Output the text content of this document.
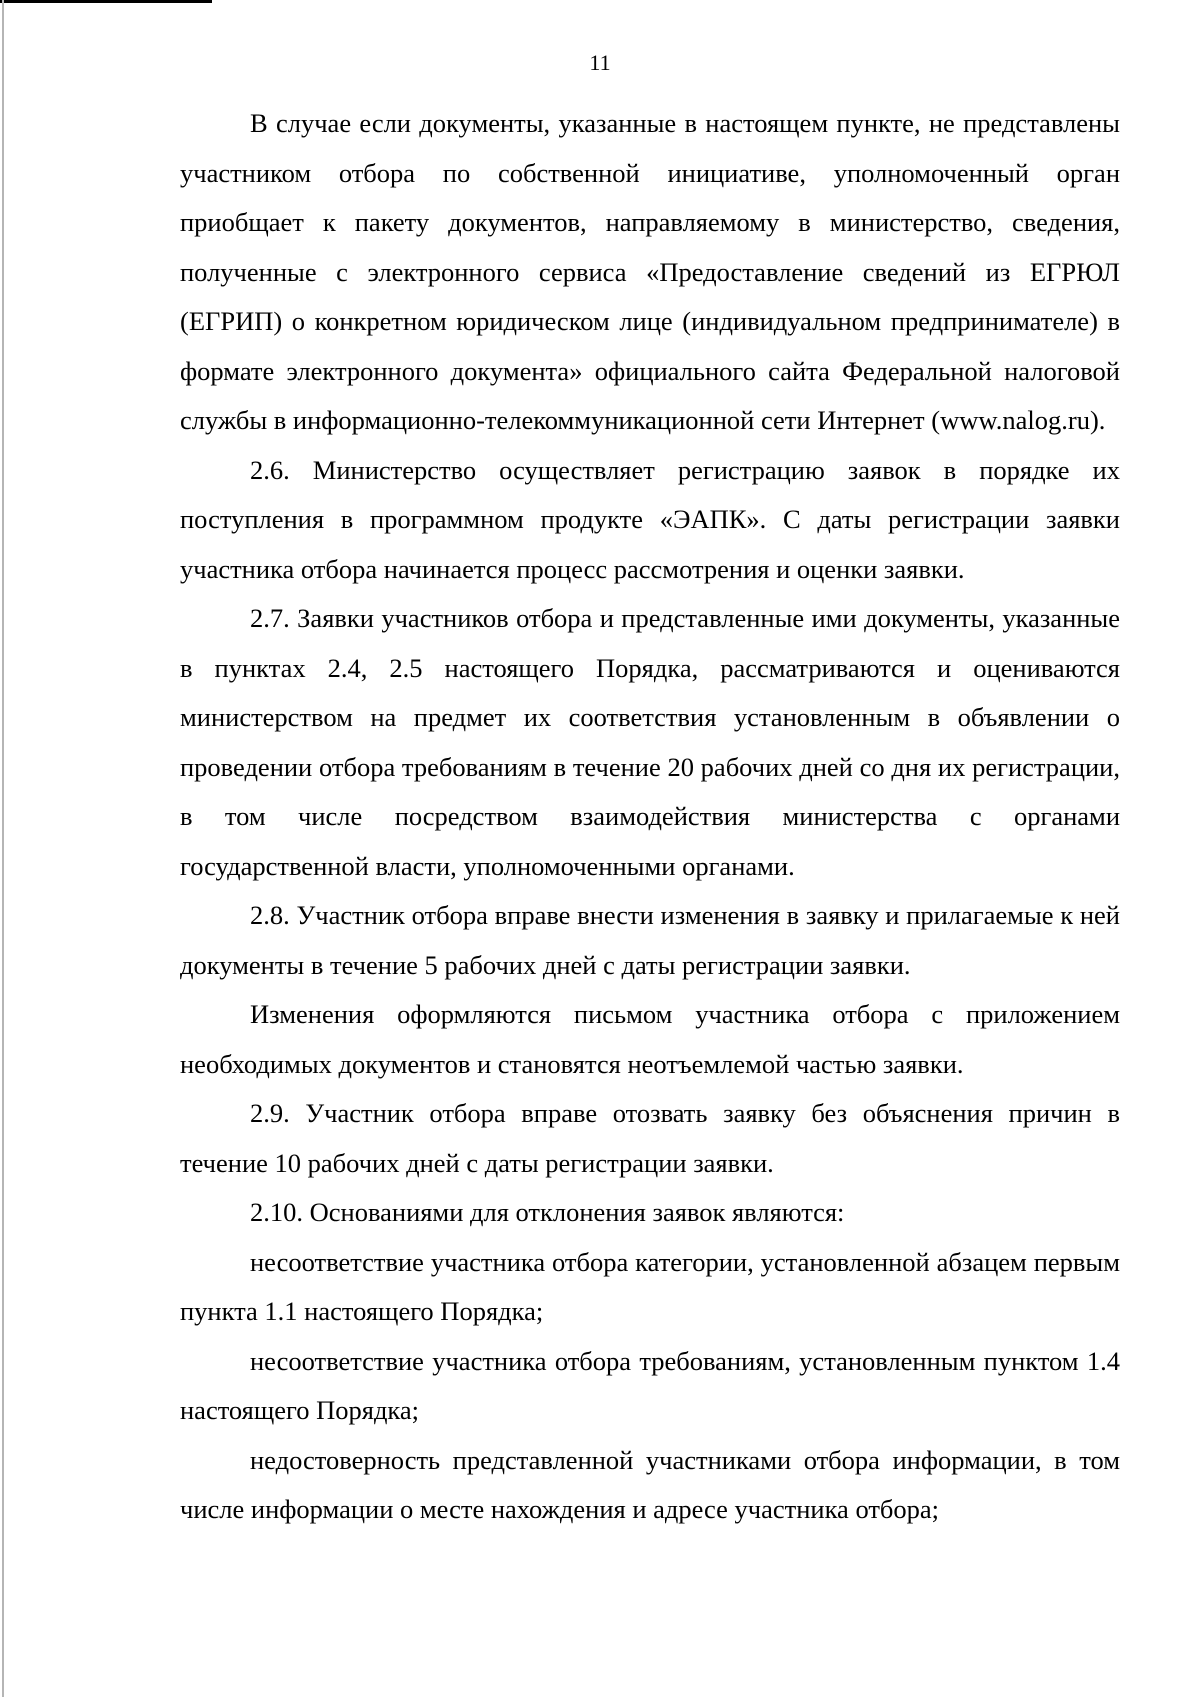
11

В случае если документы, указанные в настоящем пункте, не представлены участником отбора по собственной инициативе, уполномоченный орган приобщает к пакету документов, направляемому в министерство, сведения, полученные с электронного сервиса «Предоставление сведений из ЕГРЮЛ (ЕГРИП) о конкретном юридическом лице (индивидуальном предпринимателе) в формате электронного документа» официального сайта Федеральной налоговой службы в информационно-телекоммуникационной сети Интернет (www.nalog.ru).

2.6. Министерство осуществляет регистрацию заявок в порядке их поступления в программном продукте «ЭАПК». С даты регистрации заявки участника отбора начинается процесс рассмотрения и оценки заявки.

2.7. Заявки участников отбора и представленные ими документы, указанные в пунктах 2.4, 2.5 настоящего Порядка, рассматриваются и оцениваются министерством на предмет их соответствия установленным в объявлении о проведении отбора требованиям в течение 20 рабочих дней со дня их регистрации, в том числе посредством взаимодействия министерства с органами государственной власти, уполномоченными органами.

2.8. Участник отбора вправе внести изменения в заявку и прилагаемые к ней документы в течение 5 рабочих дней с даты регистрации заявки.

Изменения оформляются письмом участника отбора с приложением необходимых документов и становятся неотъемлемой частью заявки.

2.9. Участник отбора вправе отозвать заявку без объяснения причин в течение 10 рабочих дней с даты регистрации заявки.

2.10. Основаниями для отклонения заявок являются:

несоответствие участника отбора категории, установленной абзацем первым пункта 1.1 настоящего Порядка;

несоответствие участника отбора требованиям, установленным пунктом 1.4 настоящего Порядка;

недостоверность представленной участниками отбора информации, в том числе информации о месте нахождения и адресе участника отбора;
